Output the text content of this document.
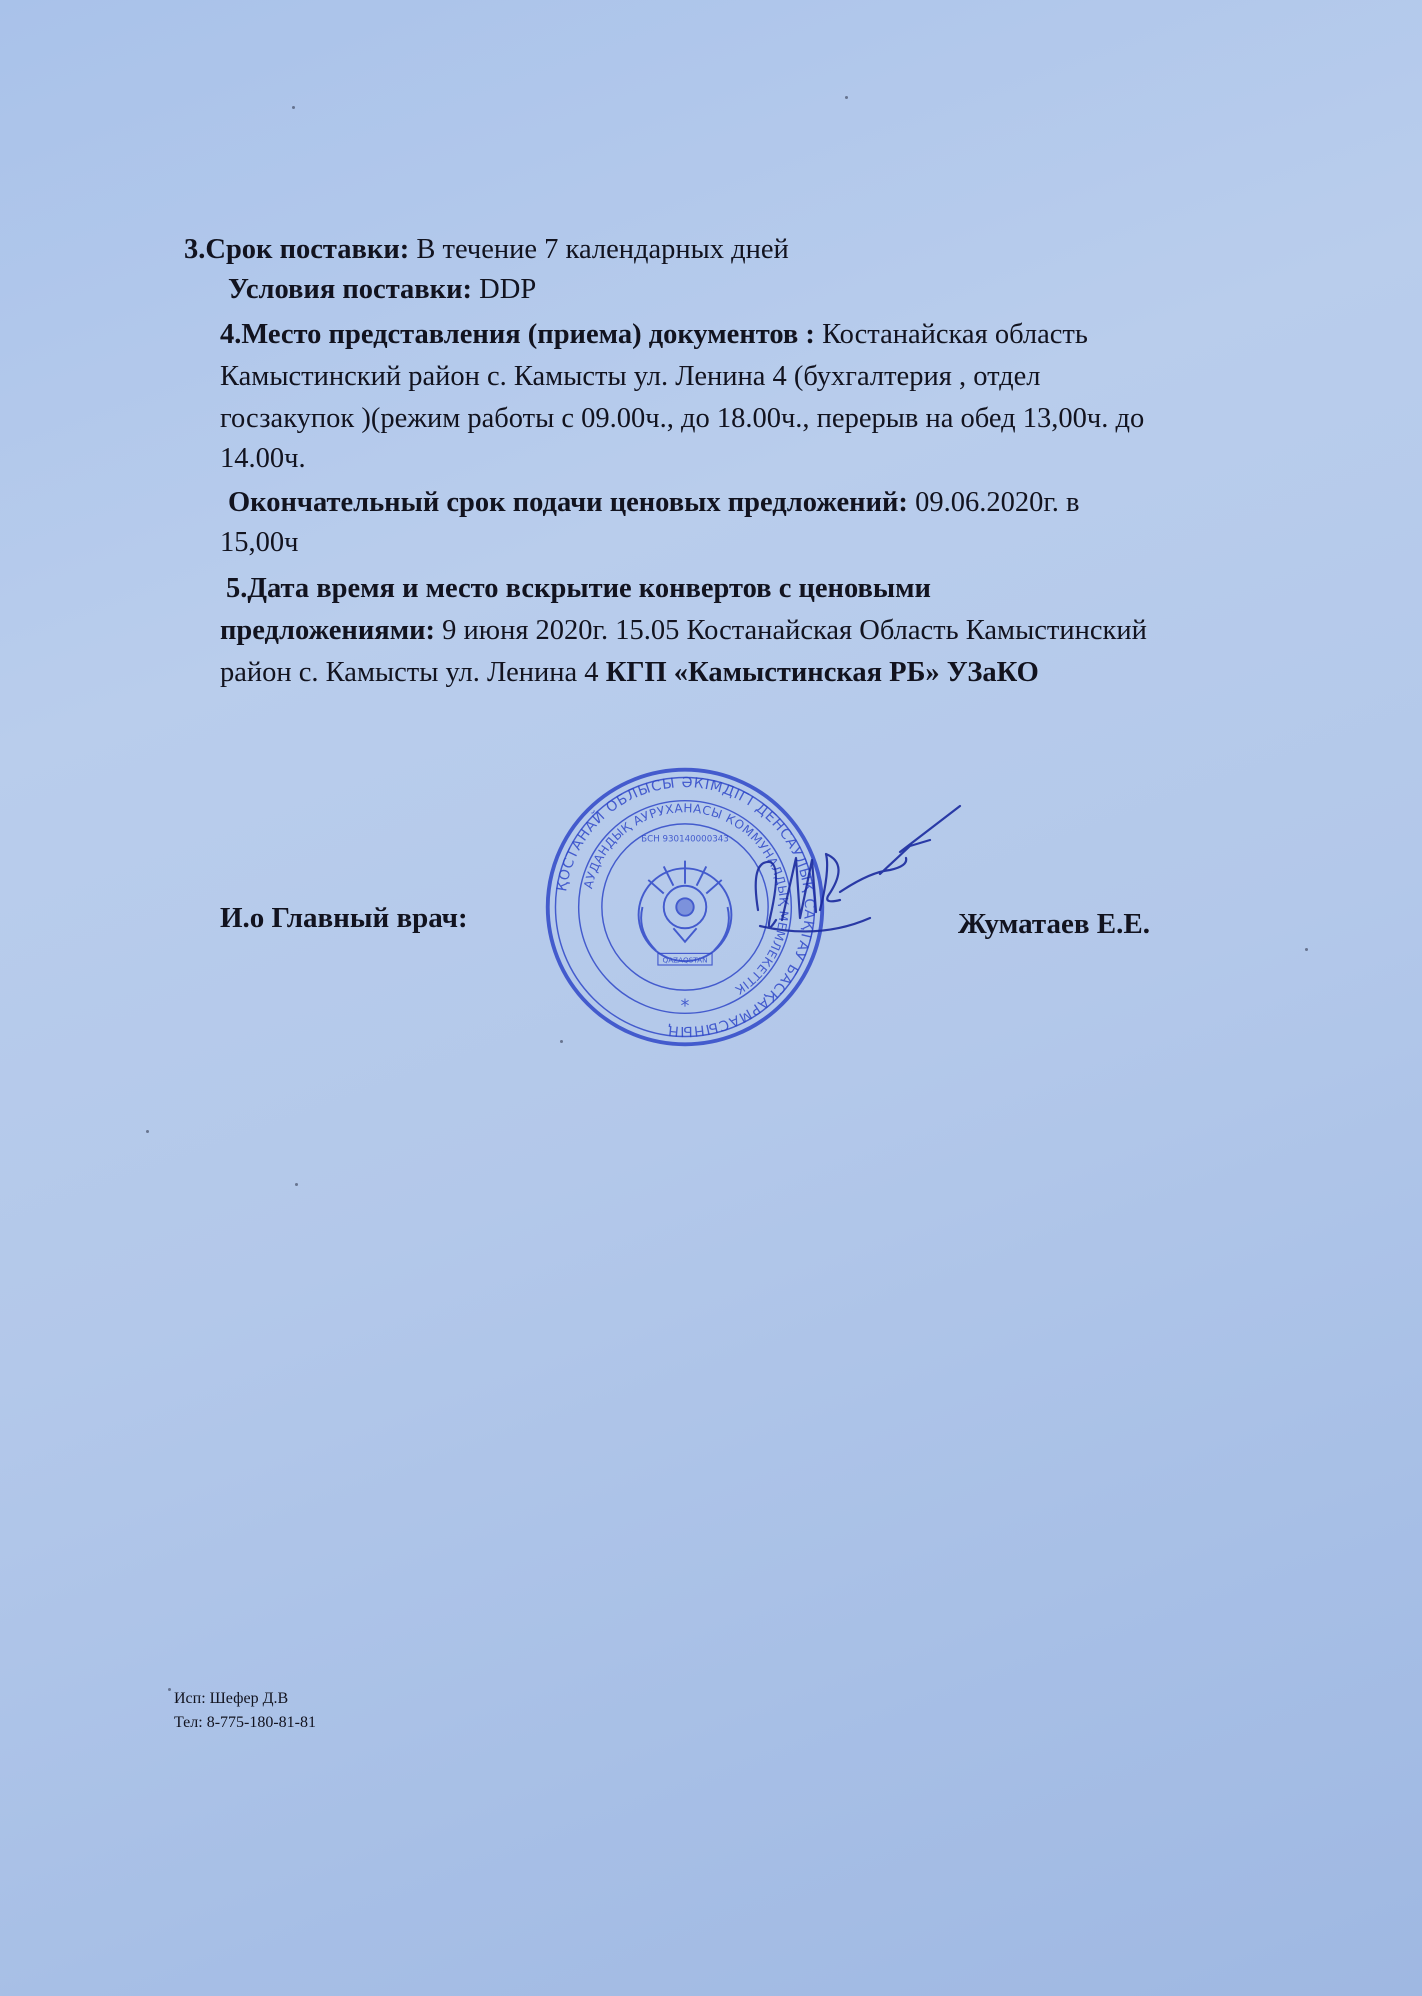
3.Срок поставки: В течение 7 календарных дней
Условия поставки: DDP
4.Место представления (приема) документов : Костанайская область
Камыстинский район с. Камысты ул. Ленина 4 (бухгалтерия , отдел
госзакупок )(режим работы с 09.00ч., до 18.00ч., перерыв на обед 13,00ч. до
14.00ч.
Окончательный срок подачи ценовых предложений: 09.06.2020г. в
15,00ч
5.Дата время и место вскрытие конвертов с ценовыми
предложениями: 9 июня 2020г. 15.05 Костанайская Область Камыстинский
район с. Камысты ул. Ленина 4 КГП «Камыстинская РБ» УЗаКО
И.о Главный врач:	Жуматаев Е.Е.
ҚОСТАНАЙ ОБЛЫСЫ ӘКІМДІГІ ДЕНСАУЛЫҚ САҚТАУ БАСҚАРМАСЫНЫҢ
АУДАНДЫҚ АУРУХАНАСЫ КОММУНАЛДЫҚ МЕМЛЕКЕТТІК
БСН 930140000343
QAZAQSTAN
*
Исп: Шефер Д.В
Тел: 8-775-180-81-81
